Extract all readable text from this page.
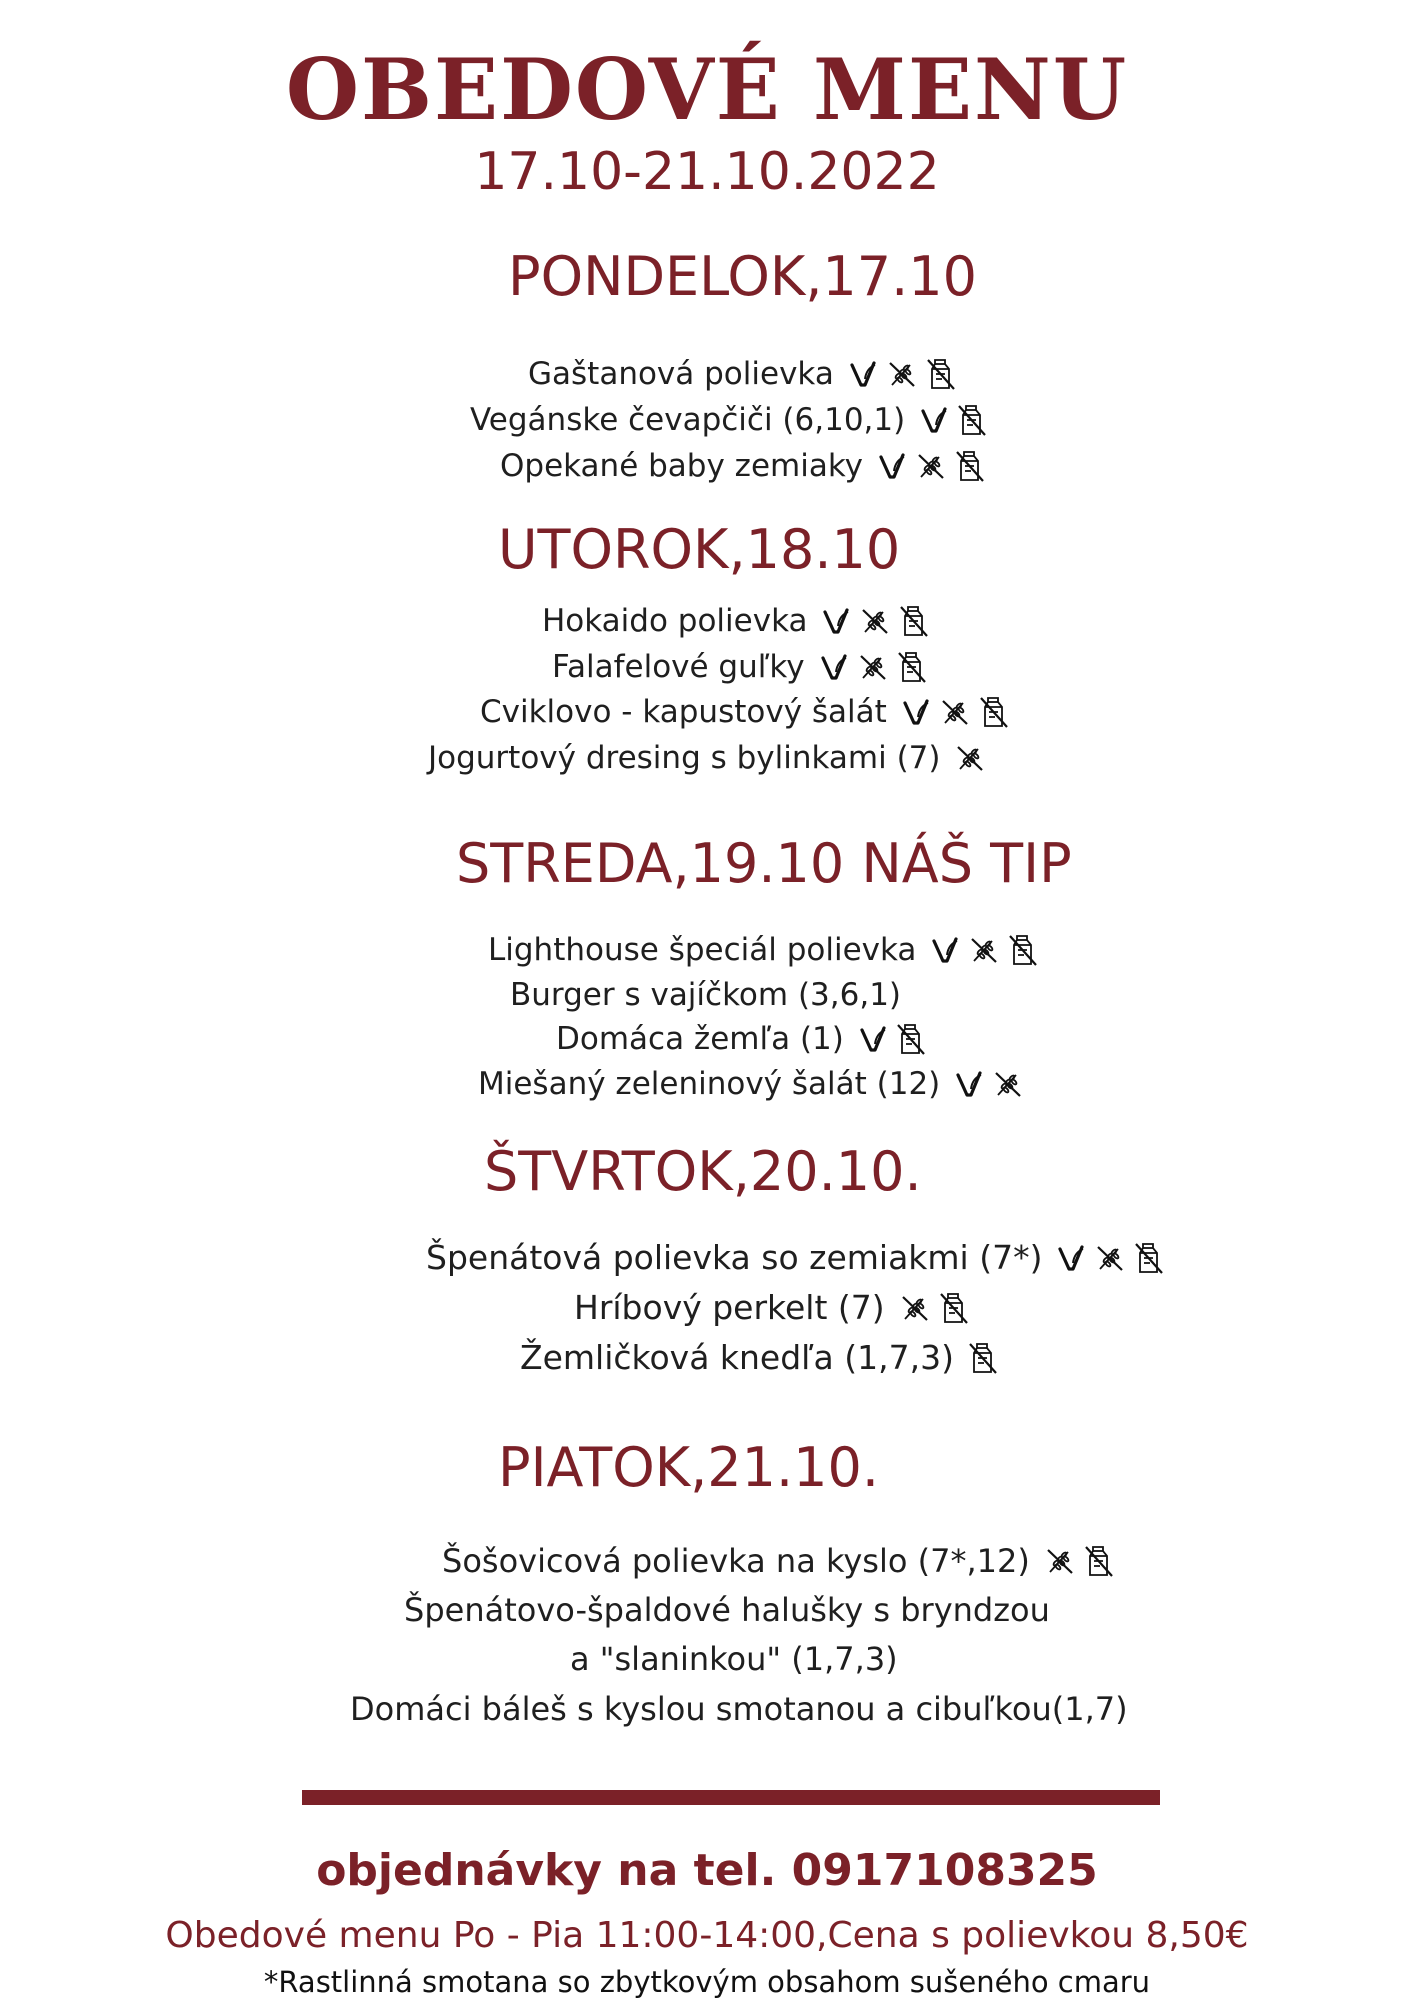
OBEDOVÉ MENU
17.10-21.10.2022
PONDELOK,17.10
Gaštanová polievka
Vegánske čevapčiči (6,10,1)
Opekané baby zemiaky
UTOROK,18.10
Hokaido polievka
Falafelové guľky
Cviklovo - kapustový šalát
Jogurtový dresing s bylinkami (7)
STREDA,19.10 NÁŠ TIP
Lighthouse špeciál polievka
Burger s vajíčkom (3,6,1)
Domáca žemľa (1)
Miešaný zeleninový šalát (12)
ŠTVRTOK,20.10.
Špenátová polievka so zemiakmi (7*)
Hríbový perkelt (7)
Žemličková knedľa (1,7,3)
PIATOK,21.10.
Šošovicová polievka na kyslo (7*,12)
Špenátovo-špaldové halušky s bryndzou
a "slaninkou" (1,7,3)
Domáci báleš s kyslou smotanou a cibuľkou(1,7)
objednávky na tel. 0917108325
Obedové menu Po - Pia 11:00-14:00,Cena s polievkou 8,50€
*Rastlinná smotana so zbytkovým obsahom sušeného cmaru
